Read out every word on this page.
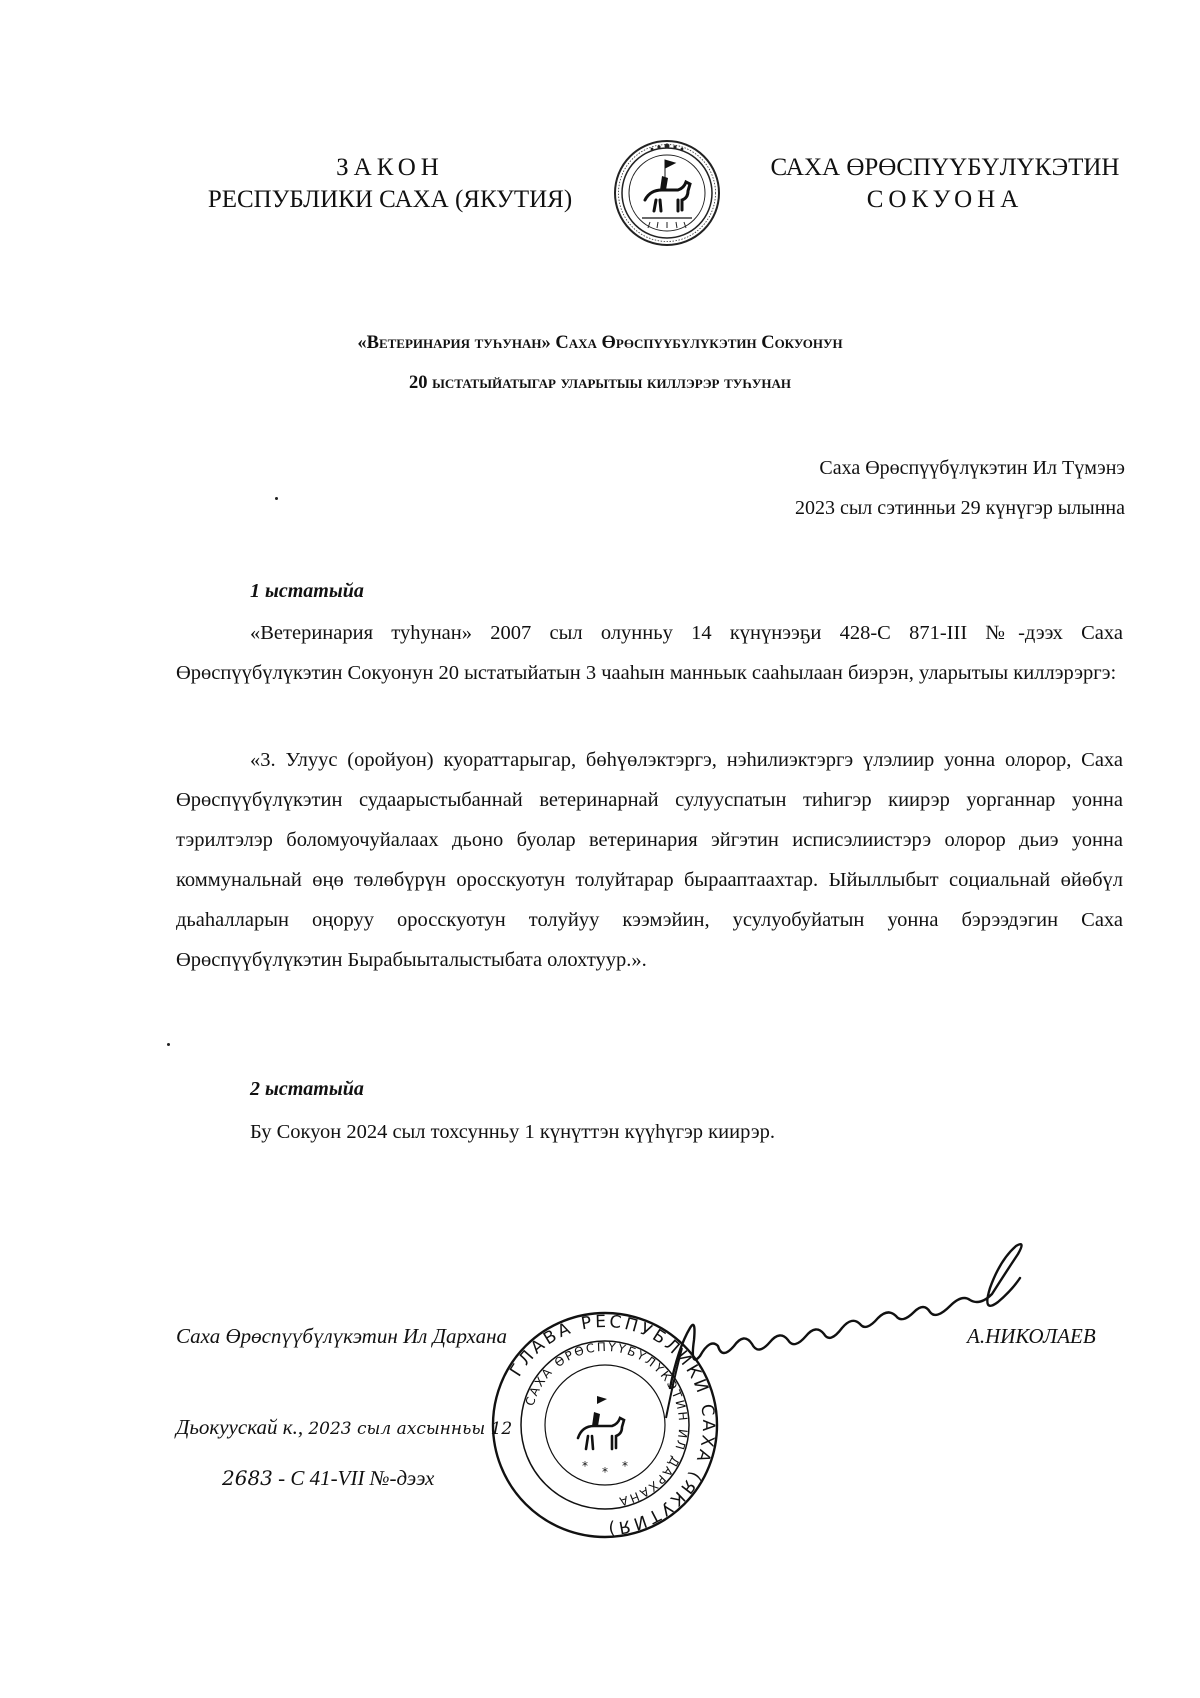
ЗАКОН
РЕСПУБЛИКИ САХА (ЯКУТИЯ)
САХА ӨРӨСПҮҮБҮЛҮКЭТИН
СОКУОНА
«Ветеринария туһунан» Саха Өрөспүүбүлүкэтин Сокуонун
20 ыстатыйатыгар уларытыы киллэрэр туһунан
Саха Өрөспүүбүлүкэтин Ил Түмэнэ
2023 сыл сэтинньи 29 күнүгэр ылынна
1 ыстатыйа
«Ветеринария туһунан» 2007 сыл олунньу 14 күнүнээҕи 428-С 871-III №-дээх Саха Өрөспүүбүлүкэтин Сокуонун 20 ыстатыйатын 3 чааһын манньык сааһылаан биэрэн, уларытыы киллэрэргэ:
«3. Улуус (оройуон) куораттарыгар, бөһүөлэктэргэ, нэһилиэктэргэ үлэлиир уонна олорор, Саха Өрөспүүбүлүкэтин судаарыстыбаннай ветеринарнай сулууспатын тиһигэр киирэр уорганнар уонна тэрилтэлэр боломуочуйалаах дьоно буолар ветеринария эйгэтин исписэлиистэрэ олорор дьиэ уонна коммунальнай өңө төлөбүрүн оросскуотун толуйтарар бырааптаахтар. Ыйыллыбыт социальнай өйөбүл дьаһалларын оңоруу оросскуотун толуйуу кээмэйин, усулуобуйатын уонна бэрээдэгин Саха Өрөспүүбүлүкэтин Бырабыыталыстыбата олохтуур.».
2 ыстатыйа
Бу Сокуон 2024 сыл тохсунньу 1 күнүттэн күүһүгэр киирэр.
Саха Өрөспүүбүлүкэтин Ил Дархана	А.НИКОЛАЕВ
Дьокуускай к., 2023 сыл ахсынньы 12
2683 - С 41-VII №-дээх
ГЛАВА РЕСПУБЛИКИ САХА (ЯКУТИЯ)
САХА ӨРӨСПҮҮБҮЛҮКЭТИН ИЛ ДАРХАНА
* * *
